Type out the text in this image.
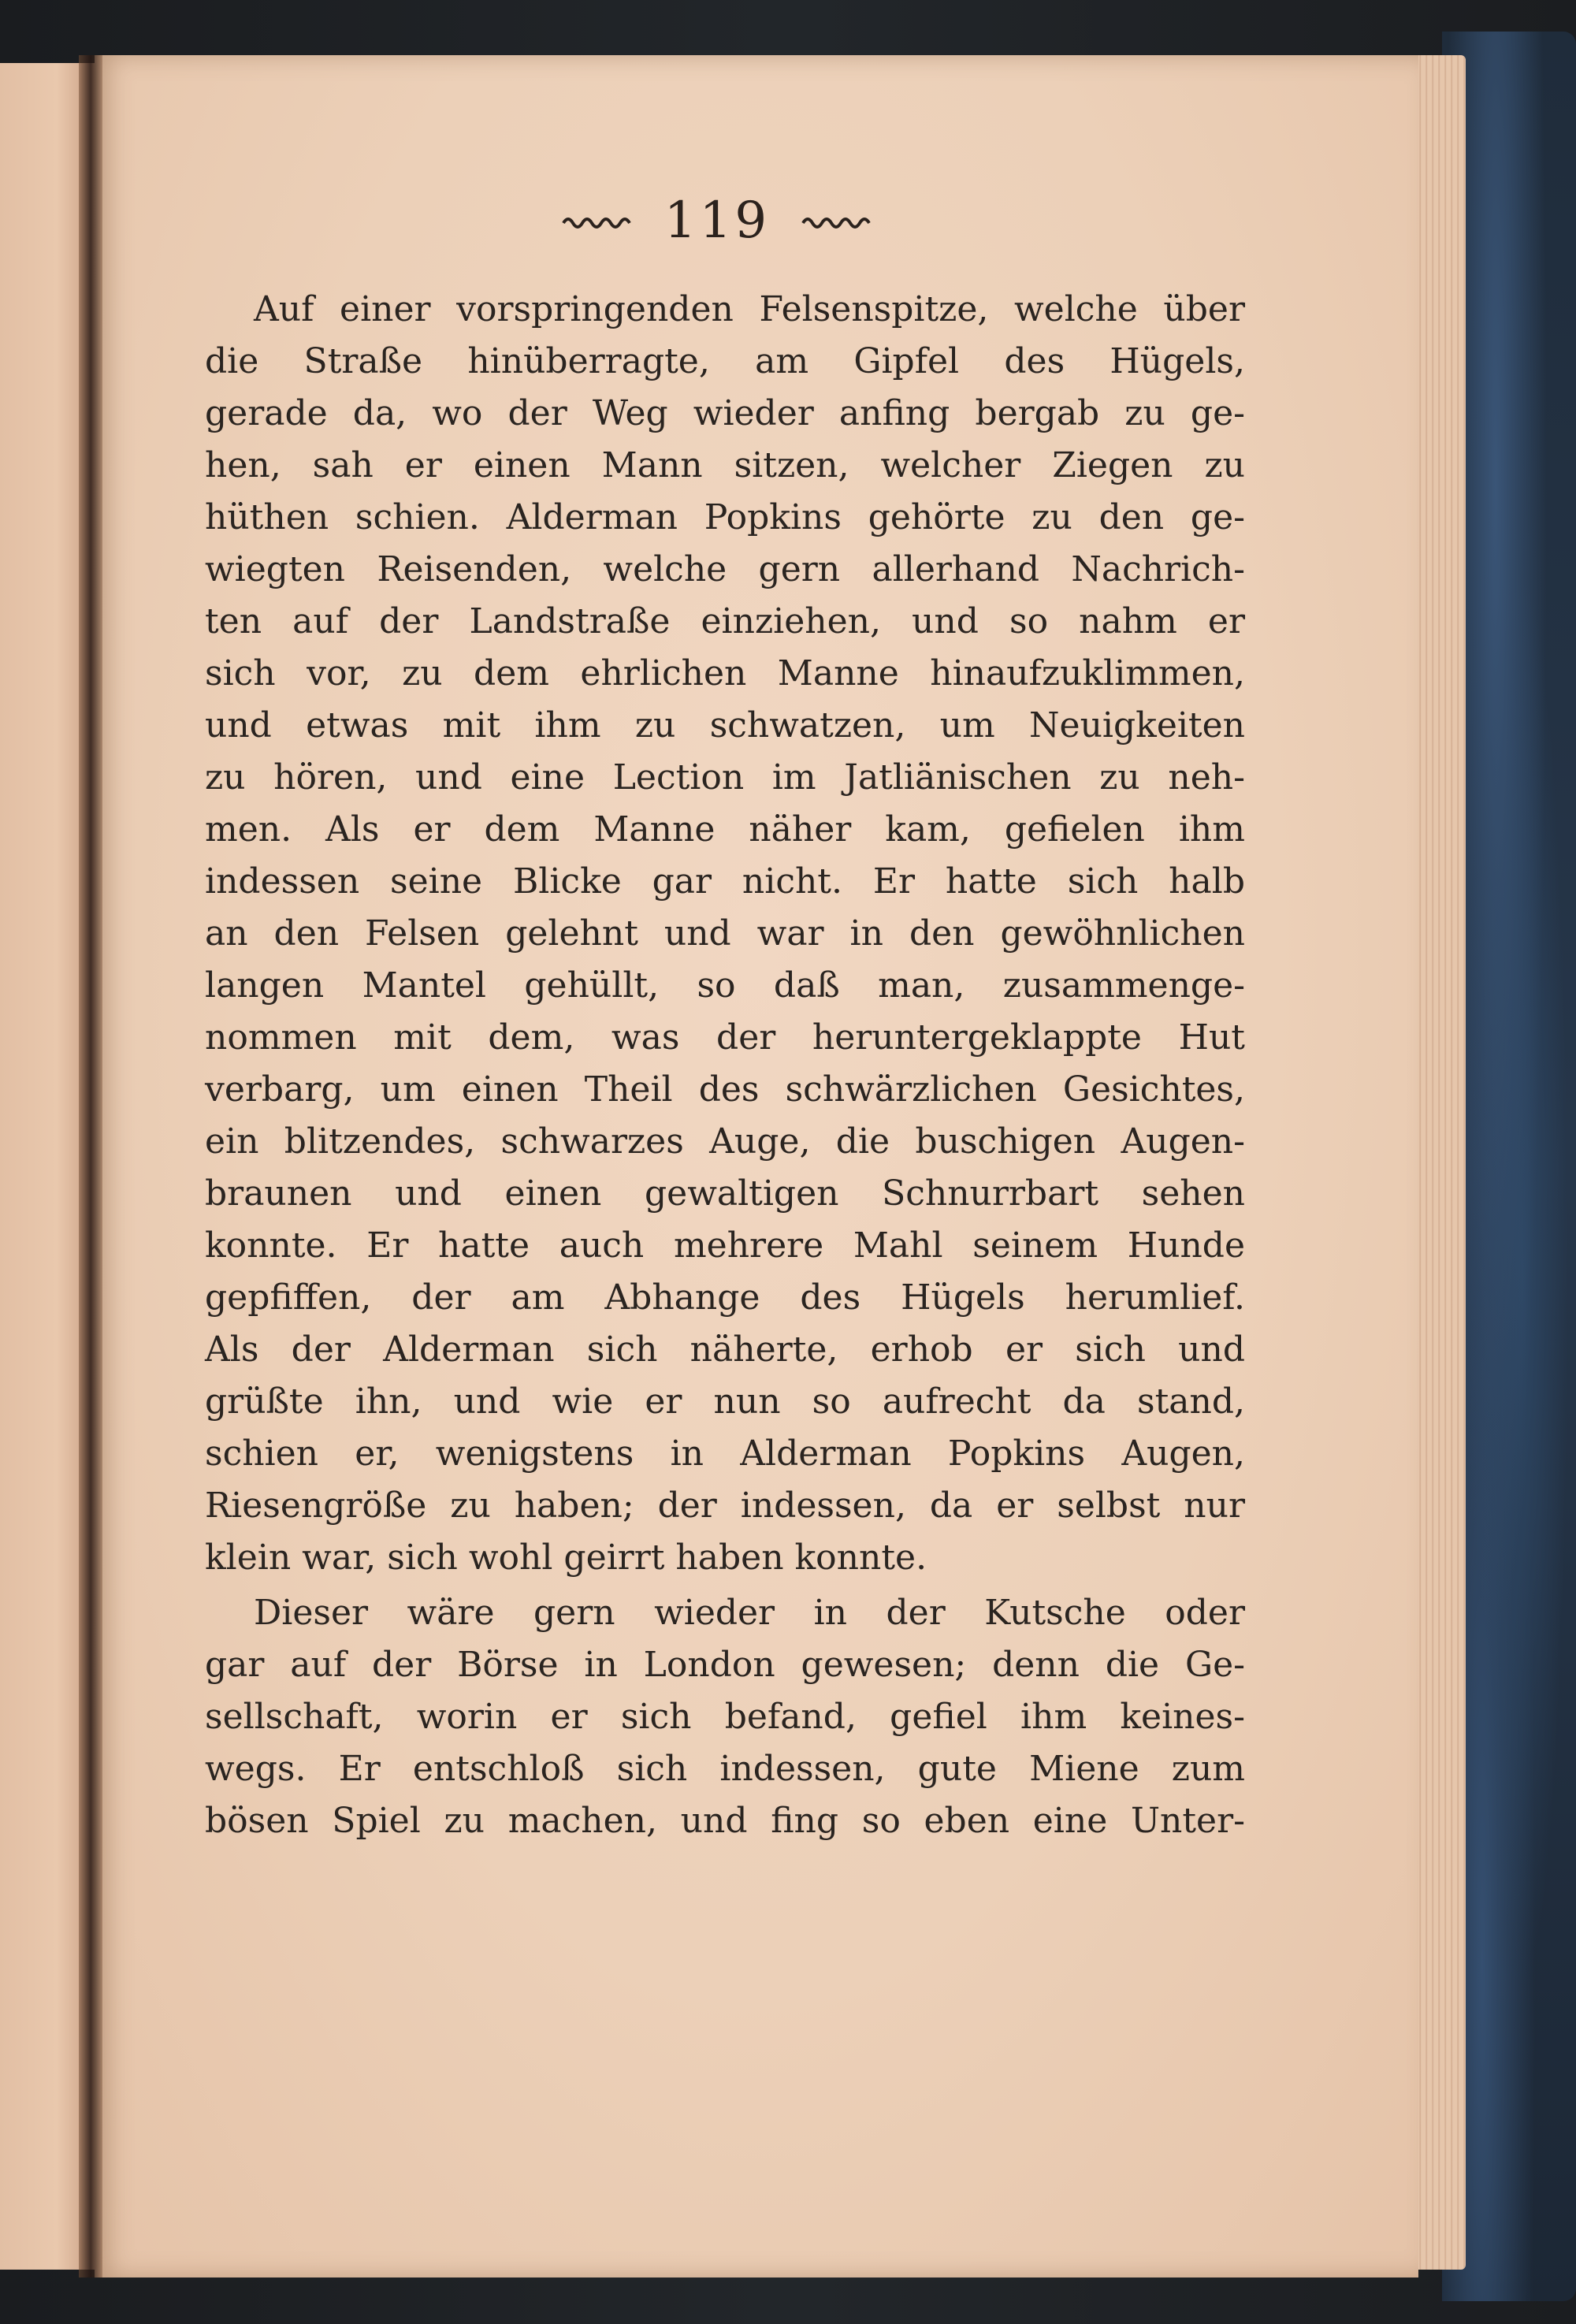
119
Auf einer vorspringenden Felsenspitze, welche über
die Straße hinüberragte, am Gipfel des Hügels,
gerade da, wo der Weg wieder anfing bergab zu ge-
hen, sah er einen Mann sitzen, welcher Ziegen zu
hüthen schien. Alderman Popkins gehörte zu den ge-
wiegten Reisenden, welche gern allerhand Nachrich-
ten auf der Landstraße einziehen, und so nahm er
sich vor, zu dem ehrlichen Manne hinaufzuklimmen,
und etwas mit ihm zu schwatzen, um Neuigkeiten
zu hören, und eine Lection im Jatliänischen zu neh-
men. Als er dem Manne näher kam, gefielen ihm
indessen seine Blicke gar nicht. Er hatte sich halb
an den Felsen gelehnt und war in den gewöhnlichen
langen Mantel gehüllt, so daß man, zusammenge-
nommen mit dem, was der heruntergeklappte Hut
verbarg, um einen Theil des schwärzlichen Gesichtes,
ein blitzendes, schwarzes Auge, die buschigen Augen-
braunen und einen gewaltigen Schnurrbart sehen
konnte. Er hatte auch mehrere Mahl seinem Hunde
gepfiffen, der am Abhange des Hügels herumlief.
Als der Alderman sich näherte, erhob er sich und
grüßte ihn, und wie er nun so aufrecht da stand,
schien er, wenigstens in Alderman Popkins Augen,
Riesengröße zu haben; der indessen, da er selbst nur
klein war, sich wohl geirrt haben konnte.
Dieser wäre gern wieder in der Kutsche oder
gar auf der Börse in London gewesen; denn die Ge-
sellschaft, worin er sich befand, gefiel ihm keines-
wegs. Er entschloß sich indessen, gute Miene zum
bösen Spiel zu machen, und fing so eben eine Unter-
